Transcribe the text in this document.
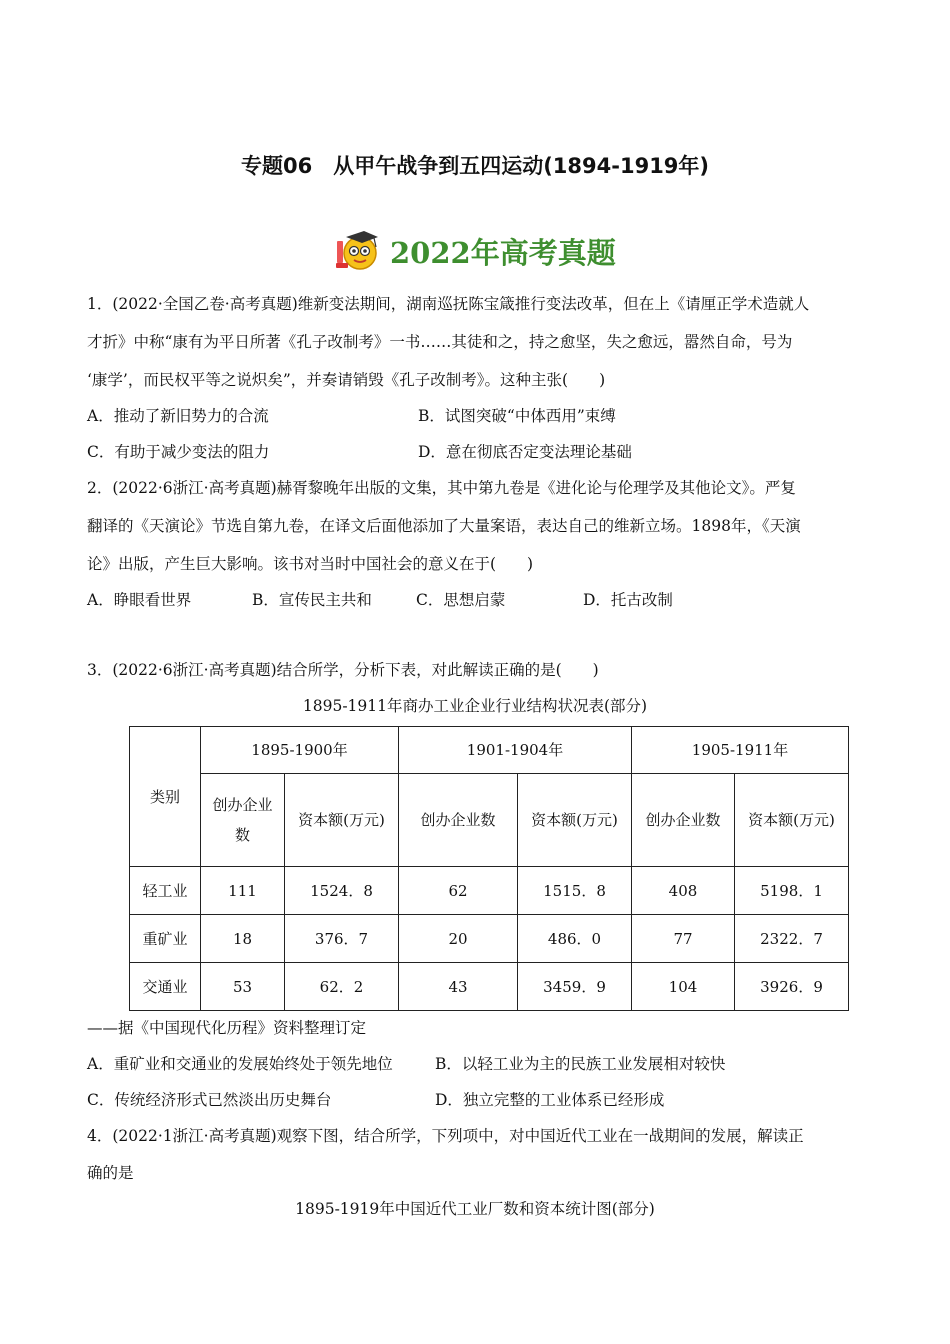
专题06　从甲午战争到五四运动(1894-1919年)
2022年高考真题
1．(2022·全国乙卷·高考真题)维新变法期间，湖南巡抚陈宝箴推行变法改革，但在上《请厘正学术造就人
才折》中称“康有为平日所著《孔子改制考》一书……其徒和之，持之愈坚，失之愈远，嚣然自命，号为
‘康学’，而民权平等之说炽矣”，并奏请销毁《孔子改制考》。这种主张(　　)
A．推动了新旧势力的合流	B．试图突破“中体西用”束缚
C．有助于减少变法的阻力	D．意在彻底否定变法理论基础
2．(2022·6浙江·高考真题)赫胥黎晚年出版的文集，其中第九卷是《进化论与伦理学及其他论文》。严复
翻译的《天演论》节选自第九卷，在译文后面他添加了大量案语，表达自己的维新立场。1898年，《天演
论》出版，产生巨大影响。该书对当时中国社会的意义在于(　　)
A．睁眼看世界	B．宣传民主共和	C．思想启蒙	D．托古改制
3．(2022·6浙江·高考真题)结合所学，分析下表，对此解读正确的是(　　)
1895-1911年商办工业企业行业结构状况表(部分)
类别	1895-1900年		1901-1904年		1905-1911年	
	创办企业数	资本额(万元)	创办企业数	资本额(万元)	创办企业数	资本额(万元)
轻工业	111	1524．8	62	1515．8	408	5198．1
重矿业	18	376．7	20	486．0	77	2322．7
交通业	53	62．2	43	3459．9	104	3926．9
——据《中国现代化历程》资料整理订定
A．重矿业和交通业的发展始终处于领先地位	B．以轻工业为主的民族工业发展相对较快
C．传统经济形式已然淡出历史舞台	D．独立完整的工业体系已经形成
4．(2022·1浙江·高考真题)观察下图，结合所学，下列项中，对中国近代工业在一战期间的发展，解读正
确的是
1895-1919年中国近代工业厂数和资本统计图(部分)
